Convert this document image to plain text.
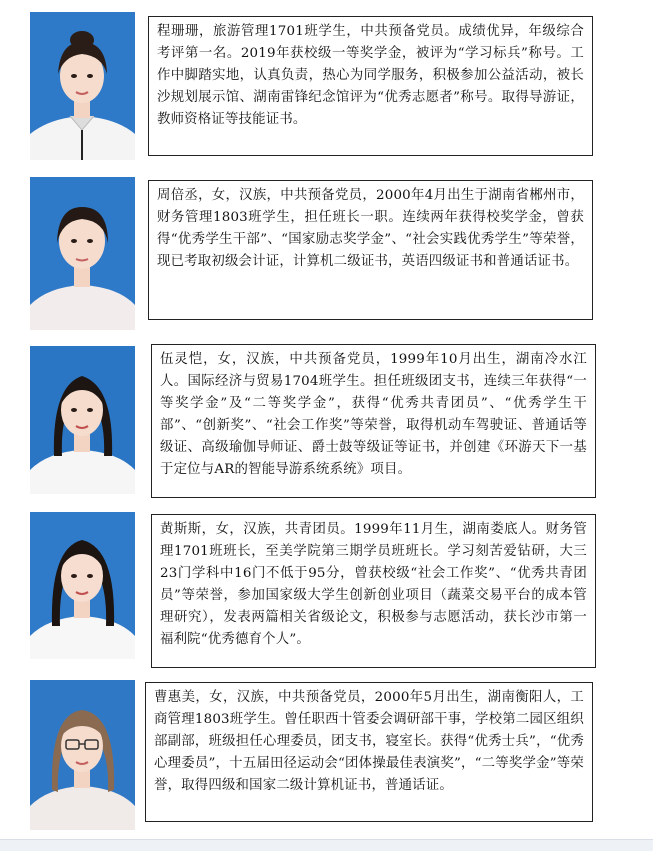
程珊珊，旅游管理1701班学生，中共预备党员。成绩优异，年级综合考评第一名。2019年获校级一等奖学金，被评为“学习标兵”称号。工作中脚踏实地，认真负责，热心为同学服务，积极参加公益活动，被长沙规划展示馆、湖南雷锋纪念馆评为“优秀志愿者”称号。取得导游证，教师资格证等技能证书。
周倍丞，女，汉族，中共预备党员，2000年4月出生于湖南省郴州市，财务管理1803班学生，担任班长一职。连续两年获得校奖学金，曾获得“优秀学生干部”、“国家励志奖学金”、“社会实践优秀学生”等荣誉，现已考取初级会计证，计算机二级证书，英语四级证书和普通话证书。
伍灵恺，女，汉族，中共预备党员，1999年10月出生，湖南冷水江人。国际经济与贸易1704班学生。担任班级团支书，连续三年获得“一等奖学金”及“二等奖学金”，获得“优秀共青团员”、“优秀学生干部”、“创新奖”、“社会工作奖”等荣誉，取得机动车驾驶证、普通话等级证、高级瑜伽导师证、爵士鼓等级证等证书，并创建《环游天下一基于定位与AR的智能导游系统系统》项目。
黄斯斯，女，汉族，共青团员。1999年11月生，湖南娄底人。财务管理1701班班长，至美学院第三期学员班班长。学习刻苦爱钻研，大三23门学科中16门不低于95分，曾获校级“社会工作奖”、“优秀共青团员”等荣誉，参加国家级大学生创新创业项目（蔬菜交易平台的成本管理研究），发表两篇相关省级论文，积极参与志愿活动，获长沙市第一福利院“优秀德育个人”。
曹惠美，女，汉族，中共预备党员，2000年5月出生，湖南衡阳人，工商管理1803班学生。曾任职西十管委会调研部干事，学校第二园区组织部副部，班级担任心理委员，团支书，寝室长。获得“优秀士兵”，“优秀心理委员”，十五届田径运动会“团体操最佳表演奖”，“二等奖学金”等荣誉，取得四级和国家二级计算机证书，普通话证。
